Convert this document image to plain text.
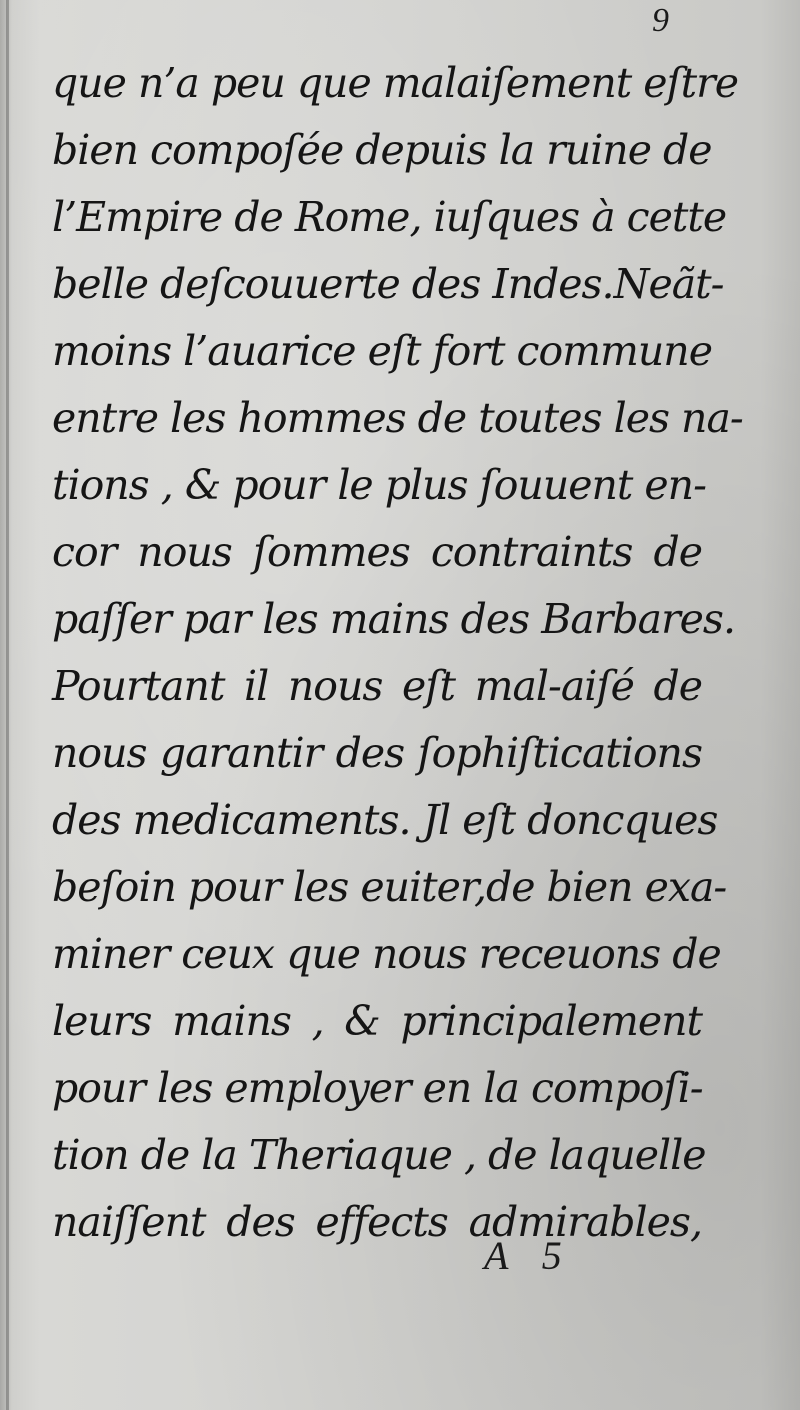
9
que n’a peu que malaiſement eſtre
bien compoſée depuis la ruine de
l’Empire de Rome, iuſques à cette
belle deſcouuerte des Indes.Neãt-
moins l’auarice eſt fort commune
entre les hommes de toutes les na-
tions , & pour le plus ſouuent en-
cor nous ſommes contraints de
paſſer par les mains des Barbares.
Pourtant il nous eſt mal-aiſé de
nous garantir des ſophiſtications
des medicaments. Jl eſt doncques
beſoin pour les euiter,de bien exa-
miner ceux que nous receuons de
leurs mains , & principalement
pour les employer en la compoſi-
tion de la Theriaque , de laquelle
naiſſent des effects admirables,
A 5
